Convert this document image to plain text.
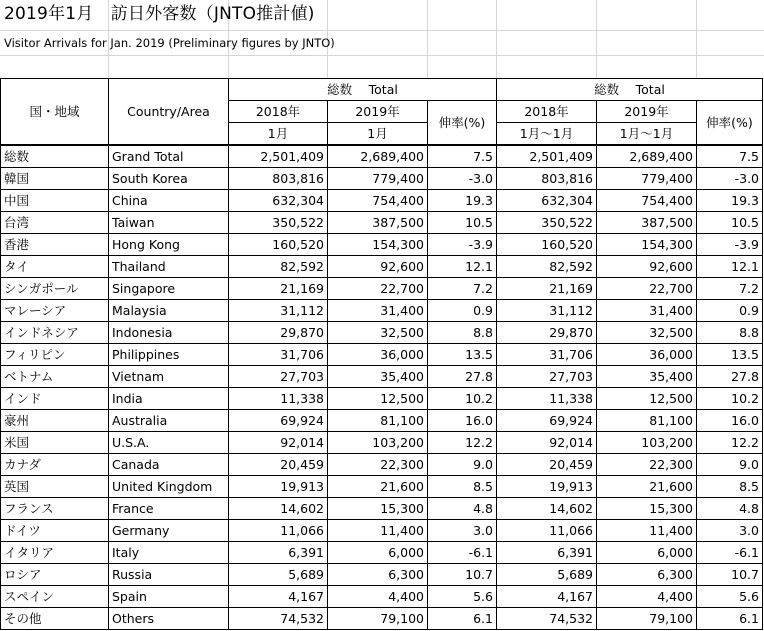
2019年1月　訪日外客数（JNTO推計値)
Visitor Arrivals for Jan. 2019 (Preliminary figures by JNTO)
国・地域	Country/Area	総数　 Total			総数　 Total		
		2018年	2019年	伸率(%)	2018年	2019年	伸率(%)
		1月	1月		1月～1月	1月～1月	
総数	Grand Total	2,501,409	2,689,400	7.5	2,501,409	2,689,400	7.5
韓国	South Korea	803,816	779,400	-3.0	803,816	779,400	-3.0
中国	China	632,304	754,400	19.3	632,304	754,400	19.3
台湾	Taiwan	350,522	387,500	10.5	350,522	387,500	10.5
香港	Hong Kong	160,520	154,300	-3.9	160,520	154,300	-3.9
タイ	Thailand	82,592	92,600	12.1	82,592	92,600	12.1
シンガポール	Singapore	21,169	22,700	7.2	21,169	22,700	7.2
マレーシア	Malaysia	31,112	31,400	0.9	31,112	31,400	0.9
インドネシア	Indonesia	29,870	32,500	8.8	29,870	32,500	8.8
フィリピン	Philippines	31,706	36,000	13.5	31,706	36,000	13.5
ベトナム	Vietnam	27,703	35,400	27.8	27,703	35,400	27.8
インド	India	11,338	12,500	10.2	11,338	12,500	10.2
豪州	Australia	69,924	81,100	16.0	69,924	81,100	16.0
米国	U.S.A.	92,014	103,200	12.2	92,014	103,200	12.2
カナダ	Canada	20,459	22,300	9.0	20,459	22,300	9.0
英国	United Kingdom	19,913	21,600	8.5	19,913	21,600	8.5
フランス	France	14,602	15,300	4.8	14,602	15,300	4.8
ドイツ	Germany	11,066	11,400	3.0	11,066	11,400	3.0
イタリア	Italy	6,391	6,000	-6.1	6,391	6,000	-6.1
ロシア	Russia	5,689	6,300	10.7	5,689	6,300	10.7
スペイン	Spain	4,167	4,400	5.6	4,167	4,400	5.6
その他	Others	74,532	79,100	6.1	74,532	79,100	6.1
